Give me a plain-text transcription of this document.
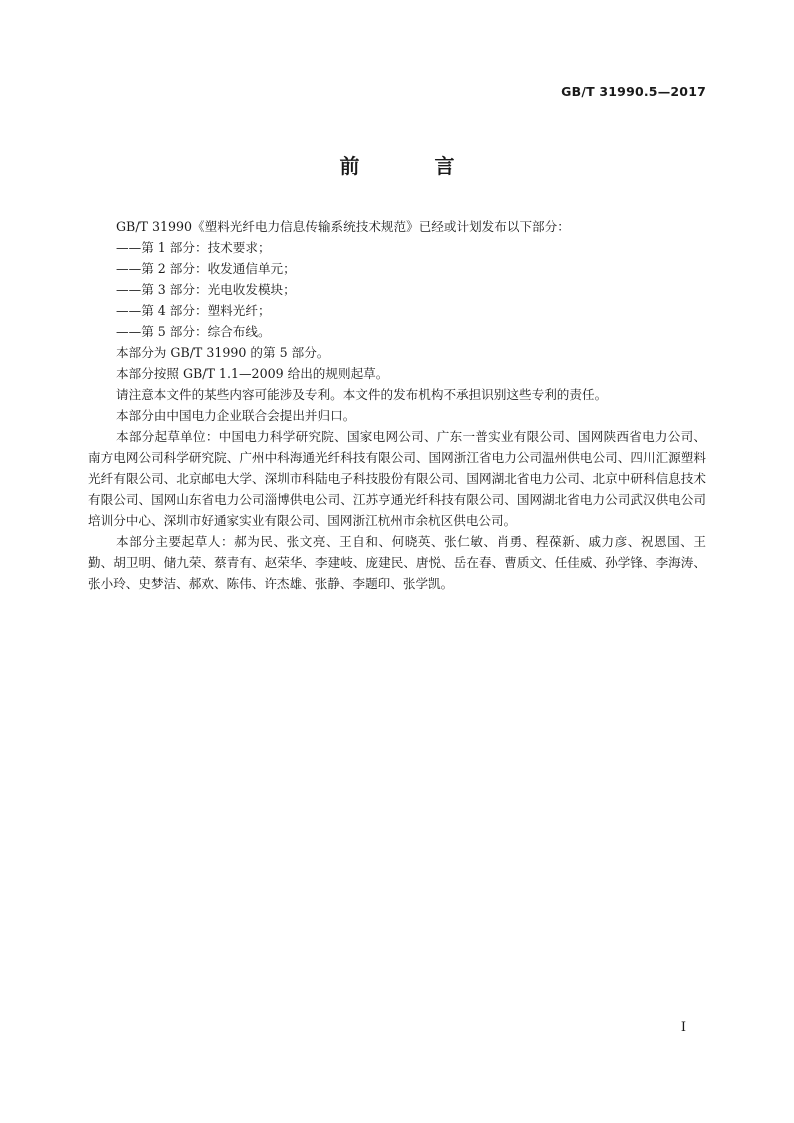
GB/T 31990.5—2017
前 言

GB/T 31990《塑料光纤电力信息传输系统技术规范》已经或计划发布以下部分：

——第 1 部分：技术要求；

——第 2 部分：收发通信单元；

——第 3 部分：光电收发模块；

——第 4 部分：塑料光纤；

——第 5 部分：综合布线。

本部分为 GB/T 31990 的第 5 部分。

本部分按照 GB/T 1.1—2009 给出的规则起草。

请注意本文件的某些内容可能涉及专利。本文件的发布机构不承担识别这些专利的责任。

本部分由中国电力企业联合会提出并归口。

本部分起草单位：中国电力科学研究院、国家电网公司、广东一普实业有限公司、国网陕西省电力公司、南方电网公司科学研究院、广州中科海通光纤科技有限公司、国网浙江省电力公司温州供电公司、四川汇源塑料光纤有限公司、北京邮电大学、深圳市科陆电子科技股份有限公司、国网湖北省电力公司、北京中研科信息技术有限公司、国网山东省电力公司淄博供电公司、江苏亨通光纤科技有限公司、国网湖北省电力公司武汉供电公司培训分中心、深圳市好通家实业有限公司、国网浙江杭州市余杭区供电公司。

本部分主要起草人：郝为民、张文亮、王自和、何晓英、张仁敏、肖勇、程葆新、戚力彦、祝恩国、王勤、胡卫明、储九荣、蔡青有、赵荣华、李建岐、庞建民、唐悦、岳在春、曹质文、任佳威、孙学锋、李海涛、张小玲、史梦洁、郝欢、陈伟、许杰雄、张静、李题印、张学凯。

I
